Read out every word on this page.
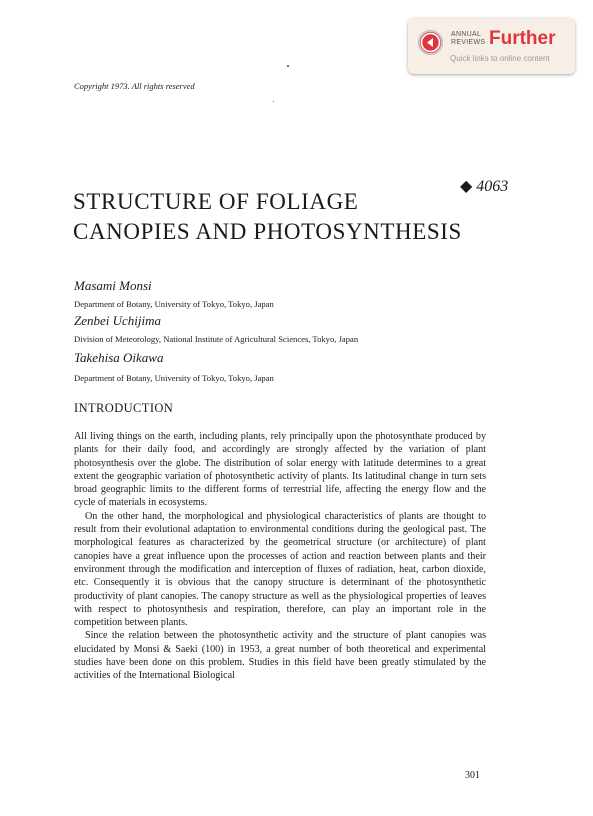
ANNUAL
REVIEWS Further
Quick links to online content
Copyright 1973. All rights reserved
STRUCTURE OF FOLIAGE
CANOPIES AND PHOTOSYNTHESIS
◆ 4063
Masami Monsi
Department of Botany, University of Tokyo, Tokyo, Japan
Zenbei Uchijima
Division of Meteorology, National Institute of Agricultural Sciences, Tokyo, Japan
Takehisa Oikawa
Department of Botany, University of Tokyo, Tokyo, Japan
INTRODUCTION

All living things on the earth, including plants, rely principally upon the photosynthate produced by plants for their daily food, and accordingly are strongly affected by the variation of plant photosynthesis over the globe. The distribution of solar energy with latitude determines to a great extent the geographic variation of photosynthetic activity of plants. Its latitudinal change in turn sets broad geographic limits to the different forms of terrestrial life, affecting the energy flow and the cycle of materials in ecosystems.

On the other hand, the morphological and physiological characteristics of plants are thought to result from their evolutional adaptation to environmental conditions during the geological past. The morphological features as characterized by the geometrical structure (or architecture) of plant canopies have a great influence upon the processes of action and reaction between plants and their environment through the modification and interception of fluxes of radiation, heat, carbon dioxide, etc. Consequently it is obvious that the canopy structure is determinant of the photosynthetic productivity of plant canopies. The canopy structure as well as the physiological properties of leaves with respect to photosynthesis and respiration, therefore, can play an important role in the competition between plants.

Since the relation between the photosynthetic activity and the structure of plant canopies was elucidated by Monsi & Saeki (100) in 1953, a great number of both theoretical and experimental studies have been done on this problem. Studies in this field have been greatly stimulated by the activities of the International Biological

301
